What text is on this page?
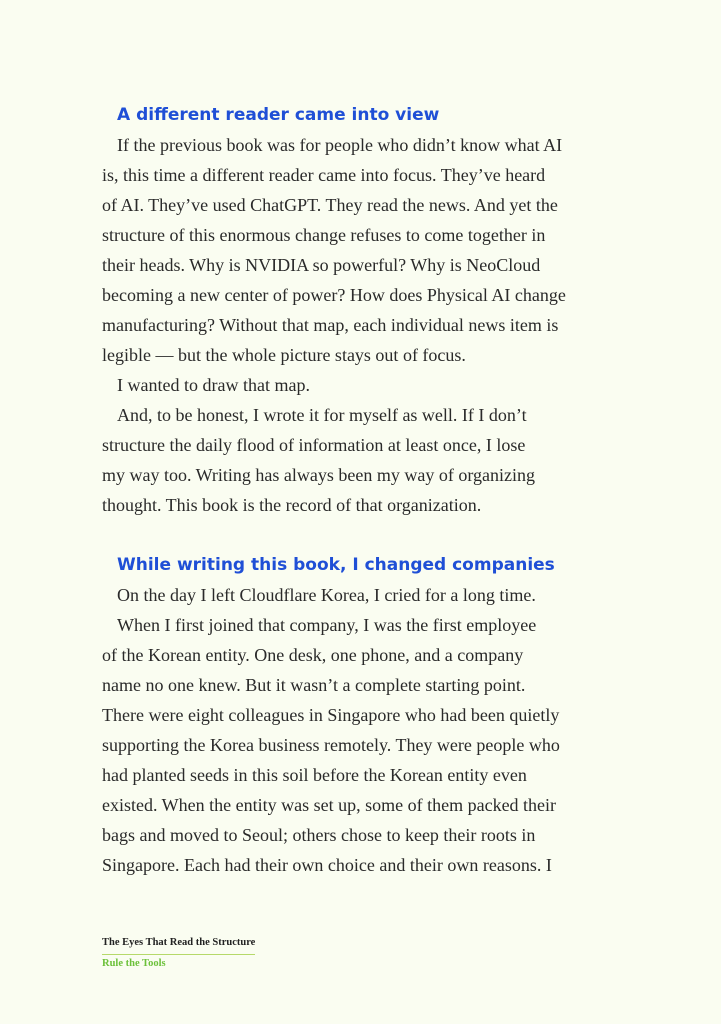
A different reader came into view
If the previous book was for people who didn’t know what AI
is, this time a different reader came into focus. They’ve heard
of AI. They’ve used ChatGPT. They read the news. And yet the
structure of this enormous change refuses to come together in
their heads. Why is NVIDIA so powerful? Why is NeoCloud
becoming a new center of power? How does Physical AI change
manufacturing? Without that map, each individual news item is
legible — but the whole picture stays out of focus.
I wanted to draw that map.
And, to be honest, I wrote it for myself as well. If I don’t
structure the daily flood of information at least once, I lose
my way too. Writing has always been my way of organizing
thought. This book is the record of that organization.
While writing this book, I changed companies
On the day I left Cloudflare Korea, I cried for a long time.
When I first joined that company, I was the first employee
of the Korean entity. One desk, one phone, and a company
name no one knew. But it wasn’t a complete starting point.
There were eight colleagues in Singapore who had been quietly
supporting the Korea business remotely. They were people who
had planted seeds in this soil before the Korean entity even
existed. When the entity was set up, some of them packed their
bags and moved to Seoul; others chose to keep their roots in
Singapore. Each had their own choice and their own reasons. I
The Eyes That Read the Structure
Rule the Tools
